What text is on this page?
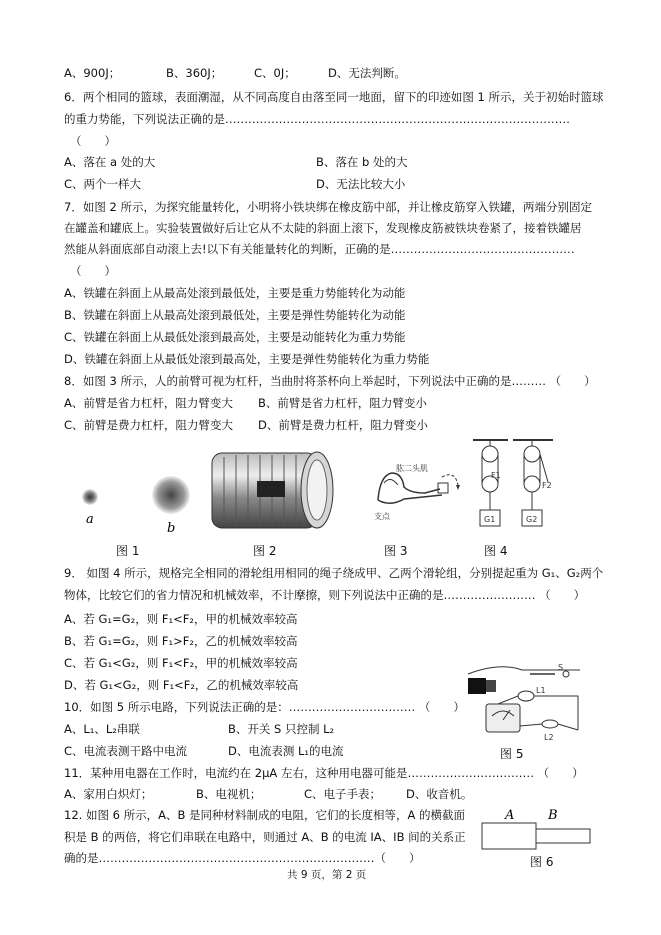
A、900J；	B、360J；	C、0J；	D、无法判断。
6．两个相同的篮球，表面潮湿，从不同高度自由落至同一地面，留下的印迹如图 1 所示，关于初始时篮球
的重力势能，下列说法正确的是………………………………………………………………………………
（　　）
A、落在 a 处的大	B、落在 b 处的大
C、两个一样大	D、无法比较大小
7．如图 2 所示，为探究能量转化，小明将小铁块绑在橡皮筋中部，并让橡皮筋穿入铁罐，两端分别固定
在罐盖和罐底上。实验装置做好后让它从不太陡的斜面上滚下，发现橡皮筋被铁块卷紧了，接着铁罐居
然能从斜面底部自动滚上去!以下有关能量转化的判断，正确的是…………………………………………
（　　）
A、铁罐在斜面上从最高处滚到最低处，主要是重力势能转化为动能
B、铁罐在斜面上从最高处滚到最低处，主要是弹性势能转化为动能
C、铁罐在斜面上从最低处滚到最高处，主要是动能转化为重力势能
D、铁罐在斜面上从最低处滚到最高处，主要是弹性势能转化为重力势能
8．如图 3 所示，人的前臂可视为杠杆，当曲肘将茶杯向上举起时，下列说法中正确的是……… （　　）
A、前臂是省力杠杆，阻力臂变大 B、前臂是省力杠杆，阻力臂变小
C、前臂是费力杠杆，阻力臂变大 D、前臂是费力杠杆，阻力臂变小
a
b
图 1	图 2
肱二头肌
支点
图 3
F1
G1
F2
G2
图 4
9． 如图 4 所示，规格完全相同的滑轮组用相同的绳子绕成甲、乙两个滑轮组，分别提起重为 G₁、G₂两个
物体，比较它们的省力情况和机械效率，不计摩擦，则下列说法中正确的是…………………… （　　）
A、若 G₁=G₂，则 F₁<F₂，甲的机械效率较高
B、若 G₁=G₂，则 F₁>F₂，乙的机械效率较高
C、若 G₁<G₂，则 F₁<F₂，甲的机械效率较高
D、若 G₁<G₂，则 F₁<F₂，乙的机械效率较高
S
L1
L2
图 5
10．如图 5 所示电路，下列说法正确的是：…………………………… （　　）
A、L₁、L₂串联	B、开关 S 只控制 L₂
C、电流表测干路中电流	D、电流表测 L₁的电流
11．某种用电器在工作时，电流约在 2μA 左右，这种用电器可能是…………………………… （　　）
A、家用白炽灯；	B、电视机；	C、电子手表； D、收音机。
12. 如图 6 所示，A、B 是同种材料制成的电阻，它们的长度相等，A 的横截面
积是 B 的两倍，将它们串联在电路中，则通过 A、B 的电流 IA、IB 间的关系正
确的是………………………………………………………………（　　）
A	B
图 6
共 9 页，第 2 页
